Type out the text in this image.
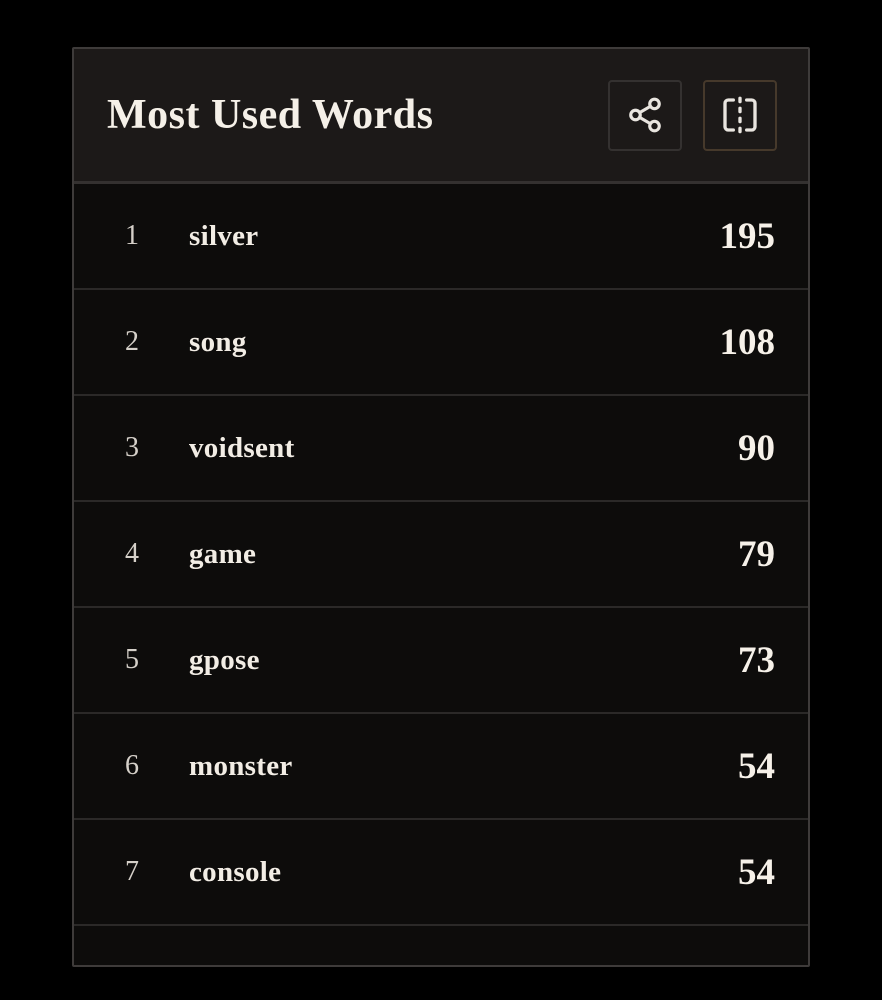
Most Used Words
1	silver	195
2	song	108
3	voidsent	90
4	game	79
5	gpose	73
6	monster	54
7	console	54
